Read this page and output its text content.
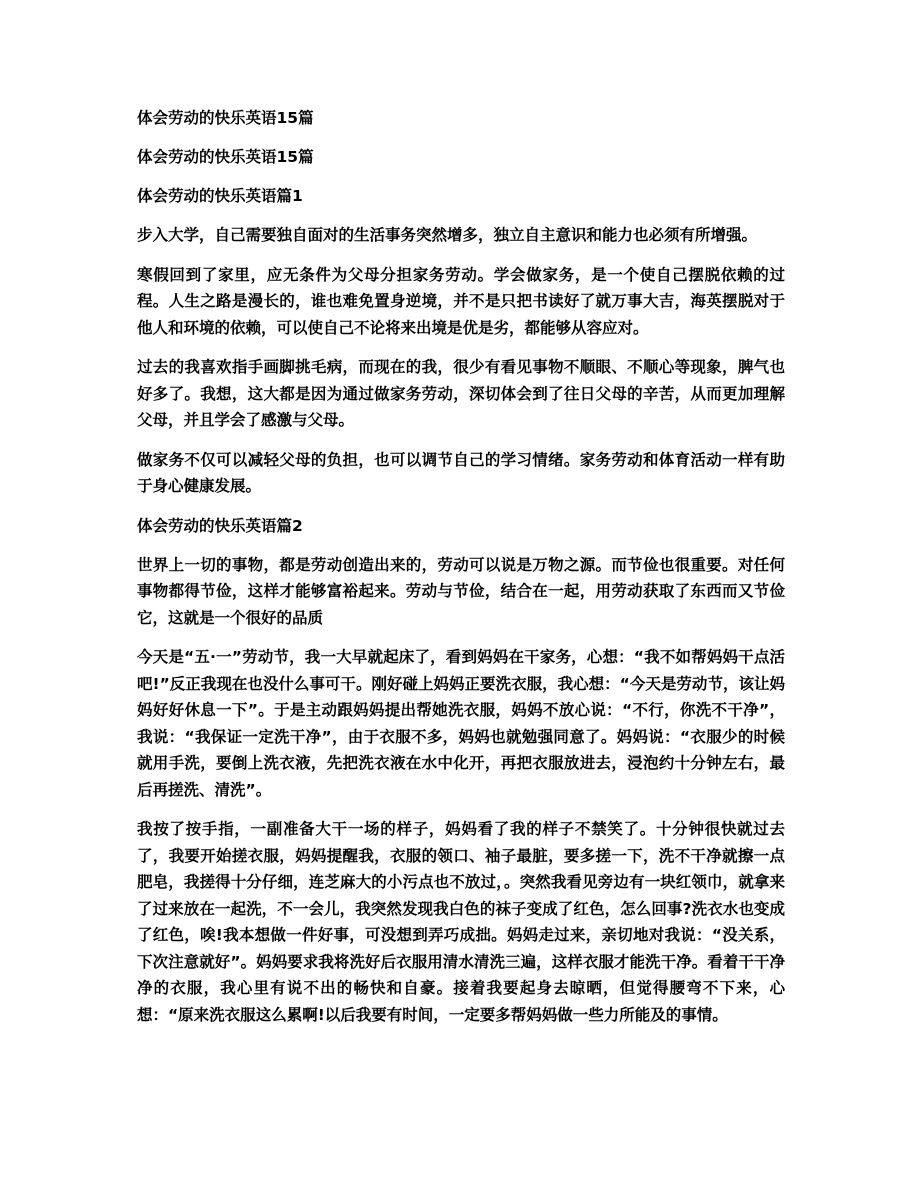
体会劳动的快乐英语15篇
体会劳动的快乐英语15篇
体会劳动的快乐英语篇1

步入大学，自己需要独自面对的生活事务突然增多，独立自主意识和能力也必须有所增强。

寒假回到了家里，应无条件为父母分担家务劳动。学会做家务，是一个使自己摆脱依赖的过程。人生之路是漫长的，谁也难免置身逆境，并不是只把书读好了就万事大吉，海英摆脱对于他人和环境的依赖，可以使自己不论将来出境是优是劣，都能够从容应对。

过去的我喜欢指手画脚挑毛病，而现在的我，很少有看见事物不顺眼、不顺心等现象，脾气也好多了。我想，这大都是因为通过做家务劳动，深切体会到了往日父母的辛苦，从而更加理解父母，并且学会了感激与父母。

做家务不仅可以减轻父母的负担，也可以调节自己的学习情绪。家务劳动和体育活动一样有助于身心健康发展。

体会劳动的快乐英语篇2

世界上一切的事物，都是劳动创造出来的，劳动可以说是万物之源。而节俭也很重要。对任何事物都得节俭，这样才能够富裕起来。劳动与节俭，结合在一起，用劳动获取了东西而又节俭它，这就是一个很好的品质

今天是“五·一”劳动节，我一大早就起床了，看到妈妈在干家务，心想：“我不如帮妈妈干点活吧!”反正我现在也没什么事可干。刚好碰上妈妈正要洗衣服，我心想：“今天是劳动节，该让妈妈好好休息一下”。于是主动跟妈妈提出帮她洗衣服，妈妈不放心说：“不行，你洗不干净”，我说：“我保证一定洗干净”，由于衣服不多，妈妈也就勉强同意了。妈妈说：“衣服少的时候就用手洗，要倒上洗衣液，先把洗衣液在水中化开，再把衣服放进去，浸泡约十分钟左右，最后再搓洗、清洗”。

我按了按手指，一副准备大干一场的样子，妈妈看了我的样子不禁笑了。十分钟很快就过去了，我要开始搓衣服，妈妈提醒我，衣服的领口、袖子最脏，要多搓一下，洗不干净就擦一点肥皂，我搓得十分仔细，连芝麻大的小污点也不放过，。突然我看见旁边有一块红领巾，就拿来了过来放在一起洗，不一会儿，我突然发现我白色的袜子变成了红色，怎么回事?洗衣水也变成了红色，唉!我本想做一件好事，可没想到弄巧成拙。妈妈走过来，亲切地对我说：“没关系，下次注意就好”。妈妈要求我将洗好后衣服用清水清洗三遍，这样衣服才能洗干净。看着干干净净的衣服，我心里有说不出的畅快和自豪。接着我要起身去晾晒，但觉得腰弯不下来，心想：“原来洗衣服这么累啊!以后我要有时间，一定要多帮妈妈做一些力所能及的事情。
